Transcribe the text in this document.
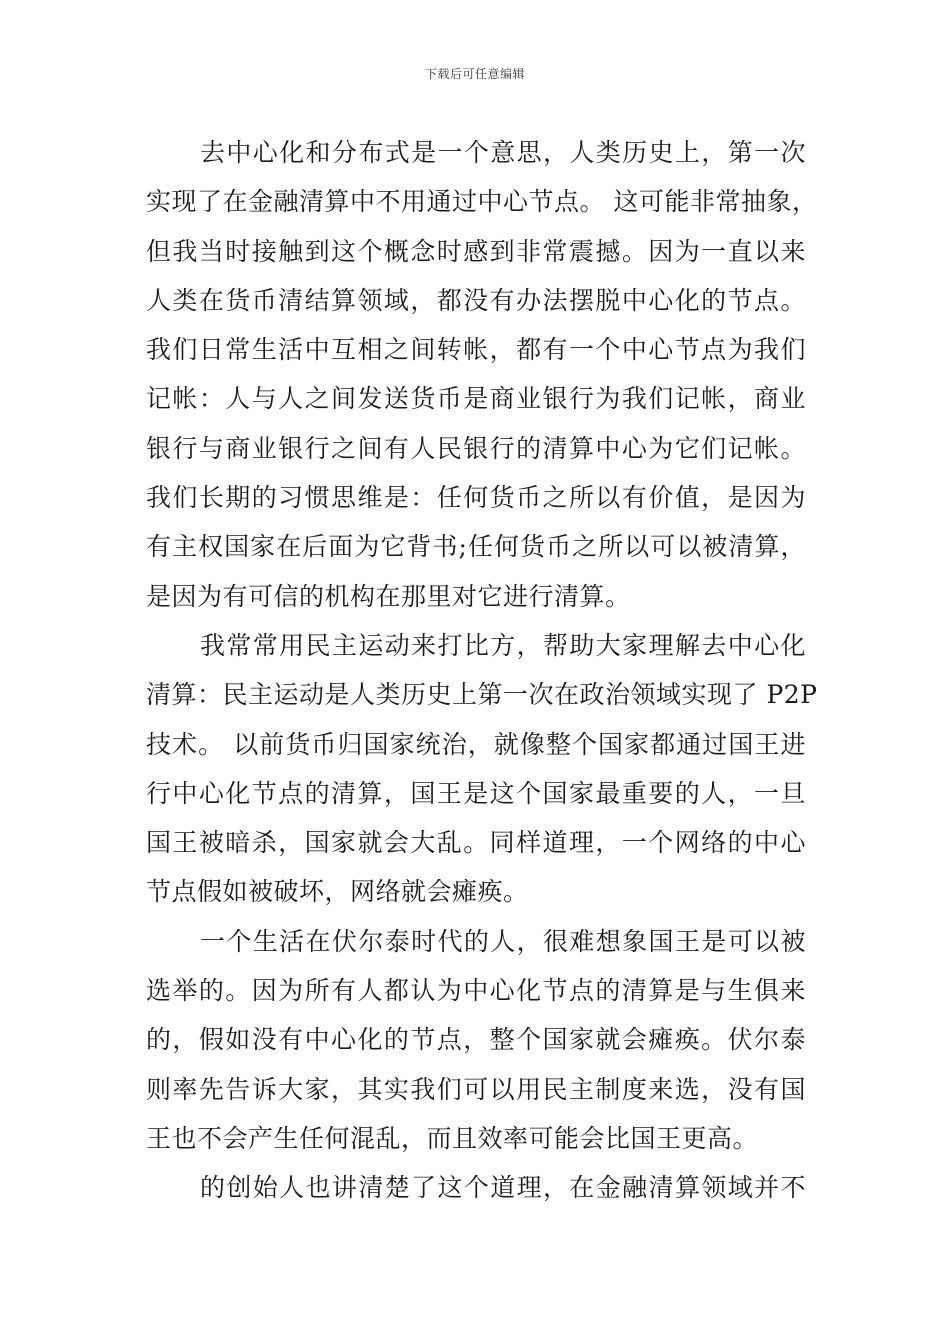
下载后可任意编辑
去中心化和分布式是一个意思，人类历史上，第一次
实现了在金融清算中不用通过中心节点。 这可能非常抽象，
但我当时接触到这个概念时感到非常震撼。因为一直以来
人类在货币清结算领域，都没有办法摆脱中心化的节点。
我们日常生活中互相之间转帐，都有一个中心节点为我们
记帐：人与人之间发送货币是商业银行为我们记帐，商业
银行与商业银行之间有人民银行的清算中心为它们记帐。
我们长期的习惯思维是：任何货币之所以有价值，是因为
有主权国家在后面为它背书;任何货币之所以可以被清算，
是因为有可信的机构在那里对它进行清算。
我常常用民主运动来打比方，帮助大家理解去中心化
清算：民主运动是人类历史上第一次在政治领域实现了 P2P
技术。 以前货币归国家统治，就像整个国家都通过国王进
行中心化节点的清算，国王是这个国家最重要的人，一旦
国王被暗杀，国家就会大乱。同样道理，一个网络的中心
节点假如被破坏，网络就会瘫痪。
一个生活在伏尔泰时代的人，很难想象国王是可以被
选举的。因为所有人都认为中心化节点的清算是与生俱来
的，假如没有中心化的节点，整个国家就会瘫痪。伏尔泰
则率先告诉大家，其实我们可以用民主制度来选，没有国
王也不会产生任何混乱，而且效率可能会比国王更高。
的创始人也讲清楚了这个道理，在金融清算领域并不
